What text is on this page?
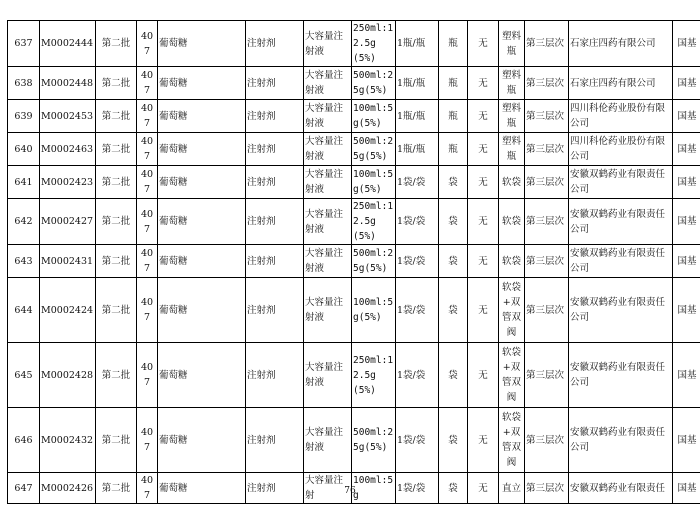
637	M0002444	第二批	407	葡萄糖	注射剂	大容量注射液	250ml:12.5g(5%)	1瓶/瓶	瓶	无	塑料瓶	第三层次	石家庄四药有限公司	国基
638	M0002448	第二批	407	葡萄糖	注射剂	大容量注射液	500ml:25g(5%)	1瓶/瓶	瓶	无	塑料瓶	第三层次	石家庄四药有限公司	国基
639	M0002453	第二批	407	葡萄糖	注射剂	大容量注射液	100ml:5g(5%)	1瓶/瓶	瓶	无	塑料瓶	第三层次	四川科伦药业股份有限公司	国基
640	M0002463	第二批	407	葡萄糖	注射剂	大容量注射液	500ml:25g(5%)	1瓶/瓶	瓶	无	塑料瓶	第三层次	四川科伦药业股份有限公司	国基
641	M0002423	第二批	407	葡萄糖	注射剂	大容量注射液	100ml:5g(5%)	1袋/袋	袋	无	软袋	第三层次	安徽双鹤药业有限责任公司	国基
642	M0002427	第二批	407	葡萄糖	注射剂	大容量注射液	250ml:12.5g(5%)	1袋/袋	袋	无	软袋	第三层次	安徽双鹤药业有限责任公司	国基
643	M0002431	第二批	407	葡萄糖	注射剂	大容量注射液	500ml:25g(5%)	1袋/袋	袋	无	软袋	第三层次	安徽双鹤药业有限责任公司	国基
644	M0002424	第二批	407	葡萄糖	注射剂	大容量注射液	100ml:5g(5%)	1袋/袋	袋	无	软袋+双管双阀	第三层次	安徽双鹤药业有限责任公司	国基
645	M0002428	第二批	407	葡萄糖	注射剂	大容量注射液	250ml:12.5g(5%)	1袋/袋	袋	无	软袋+双管双阀	第三层次	安徽双鹤药业有限责任公司	国基
646	M0002432	第二批	407	葡萄糖	注射剂	大容量注射液	500ml:25g(5%)	1袋/袋	袋	无	软袋+双管双阀	第三层次	安徽双鹤药业有限责任公司	国基
647	M0002426	第二批	407	葡萄糖	注射剂	大容量注射	100ml:5g	1袋/袋	袋	无	直立	第三层次	安徽双鹤药业有限责任	国基
76
